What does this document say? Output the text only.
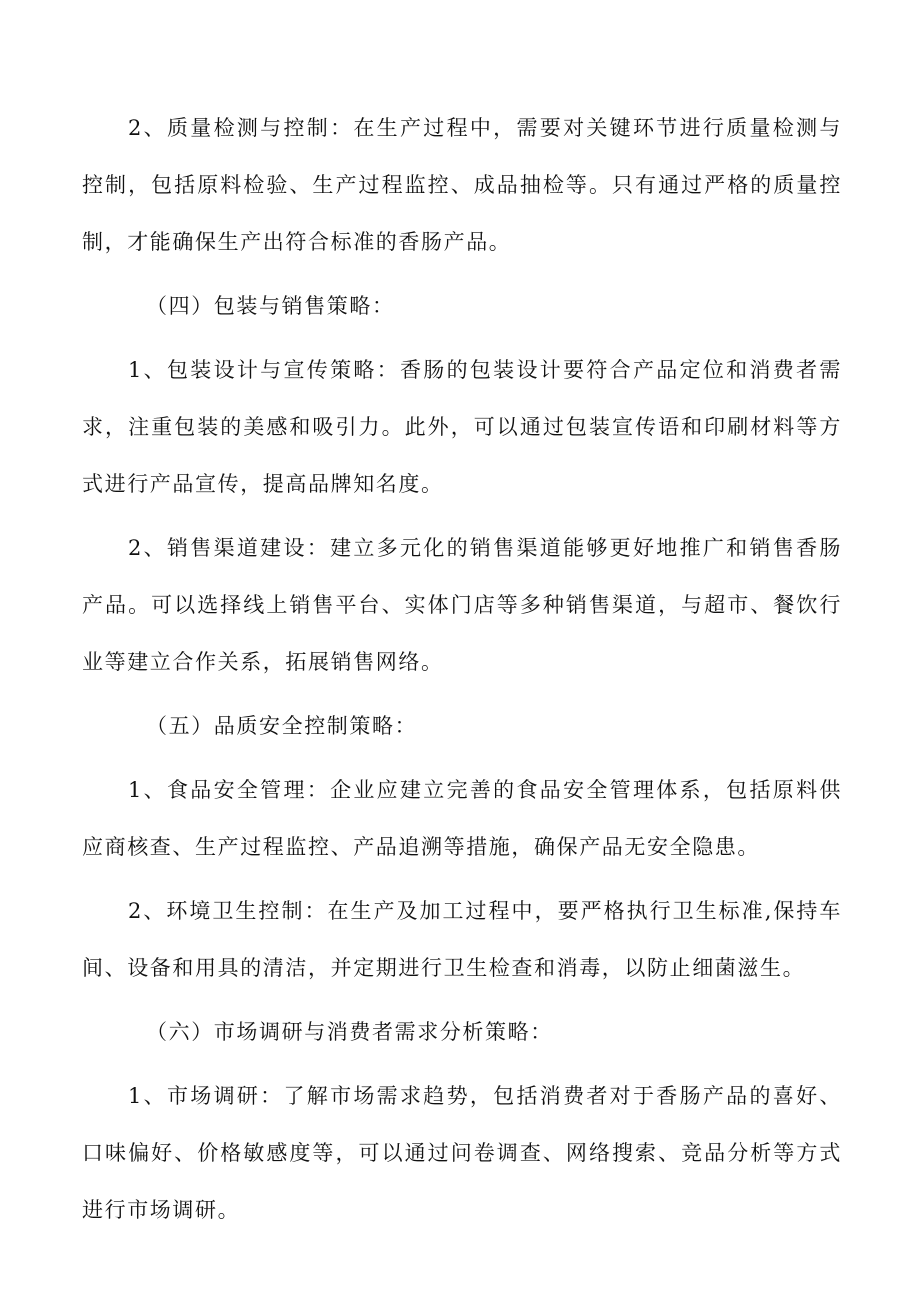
2、质量检测与控制：在生产过程中，需要对关键环节进行质量检测与控制，包括原料检验、生产过程监控、成品抽检等。只有通过严格的质量控制，才能确保生产出符合标准的香肠产品。

（四）包装与销售策略：

1、包装设计与宣传策略：香肠的包装设计要符合产品定位和消费者需求，注重包装的美感和吸引力。此外，可以通过包装宣传语和印刷材料等方式进行产品宣传，提高品牌知名度。

2、销售渠道建设：建立多元化的销售渠道能够更好地推广和销售香肠产品。可以选择线上销售平台、实体门店等多种销售渠道，与超市、餐饮行业等建立合作关系，拓展销售网络。

（五）品质安全控制策略：

1、食品安全管理：企业应建立完善的食品安全管理体系，包括原料供应商核查、生产过程监控、产品追溯等措施，确保产品无安全隐患。

2、环境卫生控制：在生产及加工过程中，要严格执行卫生标准,保持车间、设备和用具的清洁，并定期进行卫生检查和消毒，以防止细菌滋生。

（六）市场调研与消费者需求分析策略：

1、市场调研：了解市场需求趋势，包括消费者对于香肠产品的喜好、口味偏好、价格敏感度等，可以通过问卷调查、网络搜索、竞品分析等方式进行市场调研。
